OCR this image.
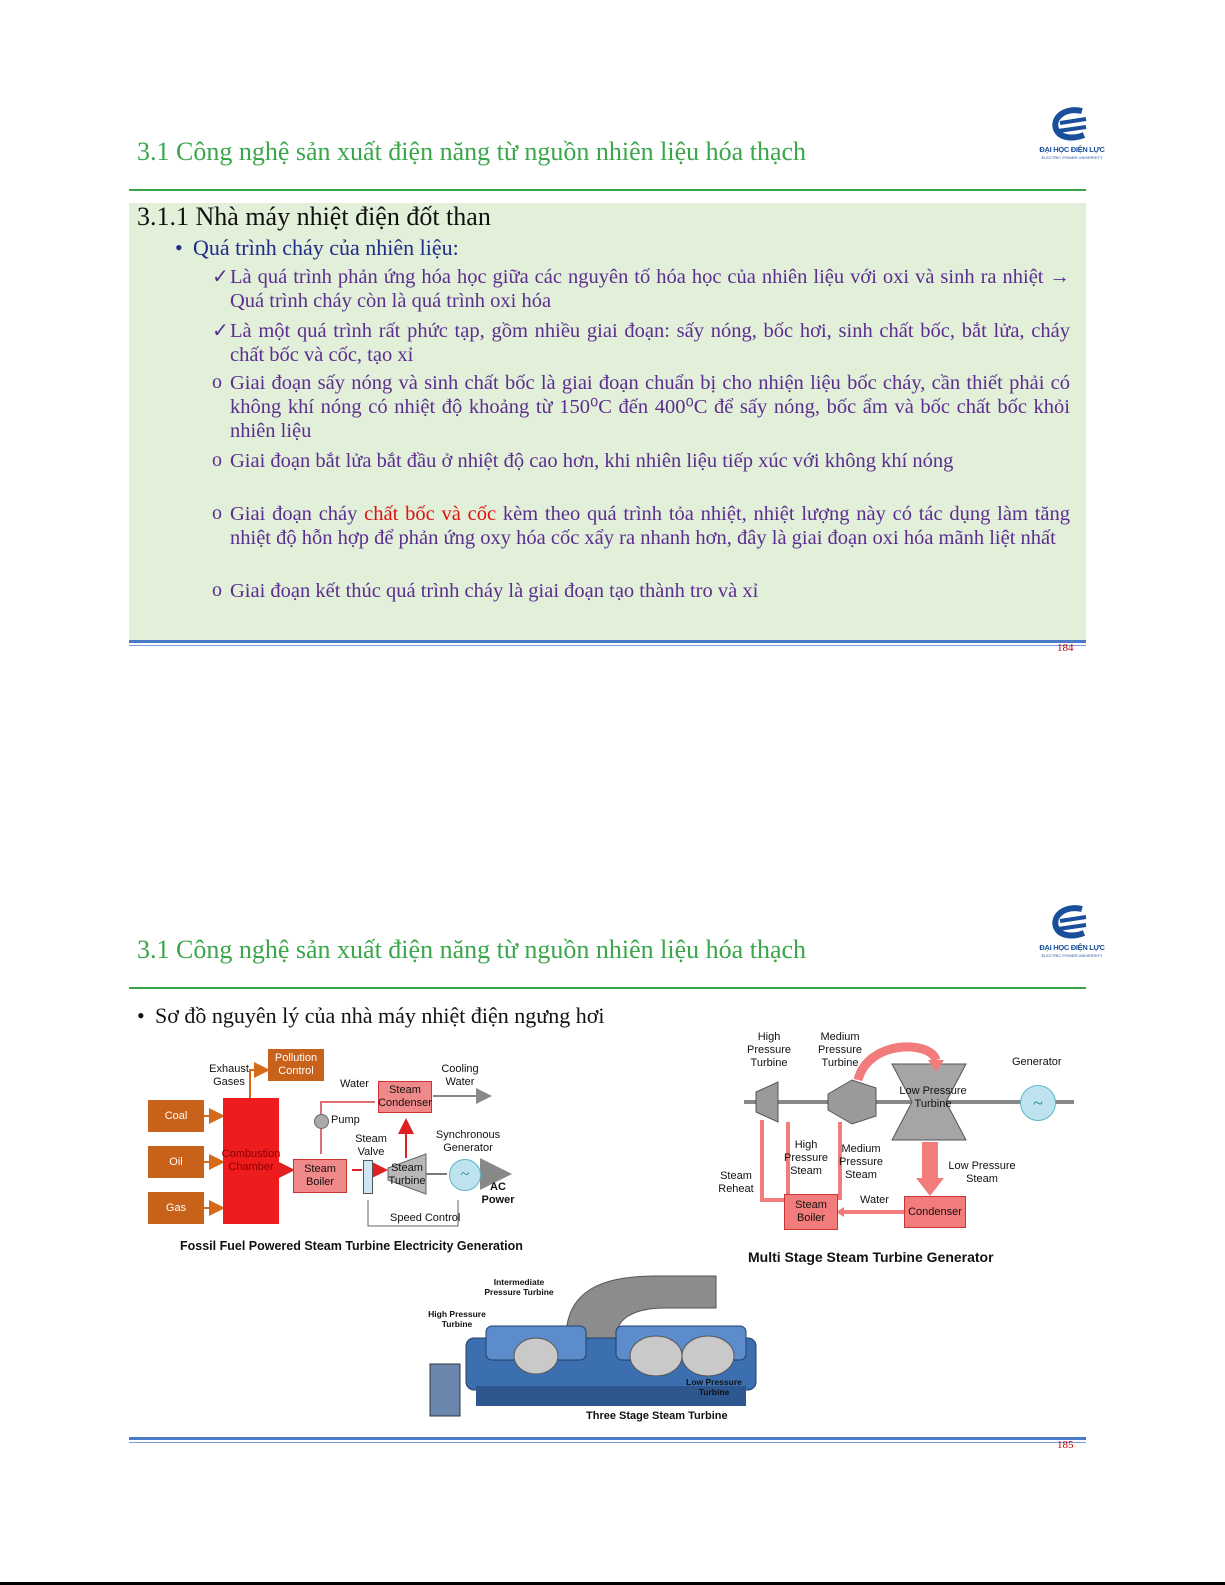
3.1 Công nghệ sản xuất điện năng từ nguồn nhiên liệu hóa thạch	ĐẠI HỌC ĐIỆN LỰC
ELECTRIC POWER UNIVERSITY
3.1.1 Nhà máy nhiệt điện đốt than
• Quá trình cháy của nhiên liệu:
✓ Là quá trình phản ứng hóa học giữa các nguyên tố hóa học của nhiên liệu với oxi và sinh ra nhiệt → Quá trình cháy còn là quá trình oxi hóa
✓ Là một quá trình rất phức tạp, gồm nhiều giai đoạn: sấy nóng, bốc hơi, sinh chất bốc, bắt lửa, cháy chất bốc và cốc, tạo xỉ
o Giai đoạn sấy nóng và sinh chất bốc là giai đoạn chuẩn bị cho nhiện liệu bốc cháy, cần thiết phải có không khí nóng có nhiệt độ khoảng từ 150⁰C đến 400⁰C để sấy nóng, bốc ẩm và bốc chất bốc khỏi nhiên liệu
o Giai đoạn bắt lửa bắt đầu ở nhiệt độ cao hơn, khi nhiên liệu tiếp xúc với không khí nóng
o Giai đoạn cháy chất bốc và cốc kèm theo quá trình tỏa nhiệt, nhiệt lượng này có tác dụng làm tăng nhiệt độ hỗn hợp để phản ứng oxy hóa cốc xẩy ra nhanh hơn, đây là giai đoạn oxi hóa mãnh liệt nhất
o Giai đoạn kết thúc quá trình cháy là giai đoạn tạo thành tro và xỉ
184
3.1 Công nghệ sản xuất điện năng từ nguồn nhiên liệu hóa thạch	ĐẠI HỌC ĐIỆN LỰC
ELECTRIC POWER UNIVERSITY
• Sơ đồ nguyên lý của nhà máy nhiệt điện ngưng hơi
Coal
Oil
Gas
Combustion Chamber
Exhaust Gases
Pollution Control
Water	Steam Condenser
Cooling Water
Pump
Steam Valve
Steam Boiler
Steam Turbine
Synchronous Generator
~
AC Power
Speed Control
Fossil Fuel Powered Steam Turbine Electricity Generation
High Pressure Turbine
Medium Pressure Turbine	Generator
~
Low Pressure Turbine
High Pressure Steam
Medium Pressure Steam
Low Pressure Steam
Steam Reheat
Steam Boiler
Water
Condenser
Multi Stage Steam Turbine Generator
Intermediate Pressure Turbine
High Pressure Turbine
Low Pressure Turbine
Three Stage Steam Turbine
185
